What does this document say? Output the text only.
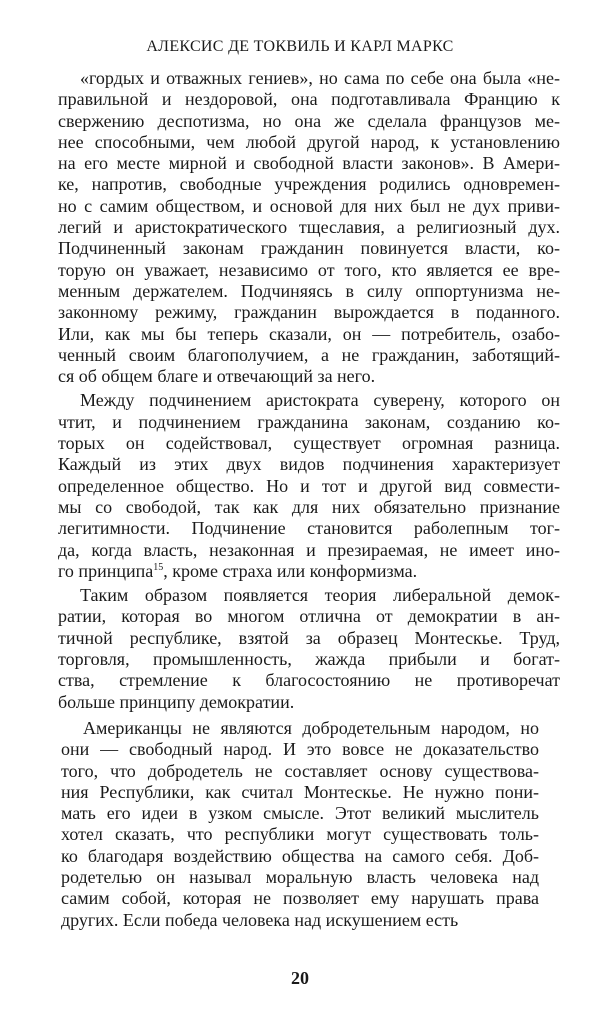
АЛЕКСИС ДЕ ТОКВИЛЬ И КАРЛ МАРКС
«гордых и отважных гениев», но сама по себе она была «не-
правильной и нездоровой, она подготавливала Францию к
свержению деспотизма, но она же сделала французов ме-
нее способными, чем любой другой народ, к установлению
на его месте мирной и свободной власти законов». В Амери-
ке, напротив, свободные учреждения родились одновремен-
но с самим обществом, и основой для них был не дух приви-
легий и аристократического тщеславия, а религиозный дух.
Подчиненный законам гражданин повинуется власти, ко-
торую он уважает, независимо от того, кто является ее вре-
менным держателем. Подчиняясь в силу оппортунизма не-
законному режиму, гражданин вырождается в поданного.
Или, как мы бы теперь сказали, он — потребитель, озабо-
ченный своим благополучием, а не гражданин, заботящий-
ся об общем благе и отвечающий за него.
Между подчинением аристократа суверену, которого он
чтит, и подчинением гражданина законам, созданию ко-
торых он содействовал, существует огромная разница.
Каждый из этих двух видов подчинения характеризует
определенное общество. Но и тот и другой вид совмести-
мы со свободой, так как для них обязательно признание
легитимности. Подчинение становится раболепным тог-
да, когда власть, незаконная и презираемая, не имеет ино-
го принципа$^{15}$, кроме страха или конформизма.
Таким образом появляется теория либеральной демок-
ратии, которая во многом отлична от демократии в ан-
тичной республике, взятой за образец Монтескье. Труд,
торговля, промышленность, жажда прибыли и богат-
ства, стремление к благосостоянию не противоречат
больше принципу демократии.
Американцы не являются добродетельным народом, но
они — свободный народ. И это вовсе не доказательство
того, что добродетель не составляет основу существова-
ния Республики, как считал Монтескье. Не нужно пони-
мать его идеи в узком смысле. Этот великий мыслитель
хотел сказать, что республики могут существовать толь-
ко благодаря воздействию общества на самого себя. Доб-
родетелью он называл моральную власть человека над
самим собой, которая не позволяет ему нарушать права
других. Если победа человека над искушением есть
20
